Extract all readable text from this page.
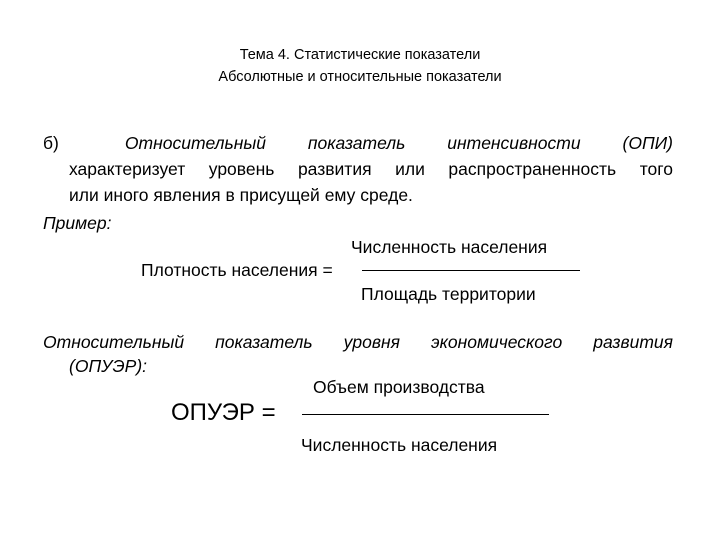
Тема 4. Статистические показатели
Абсолютные и относительные показатели
б)	Относительный показатель интенсивности (ОПИ)
характеризует уровень развития или распространенность того
или иного явления в присущей ему среде.
Пример:
Численность населения
Плотность населения =
Площадь территории
Относительный показатель уровня экономического развития
(ОПУЭР):
Объем производства
ОПУЭР =
Численность населения
